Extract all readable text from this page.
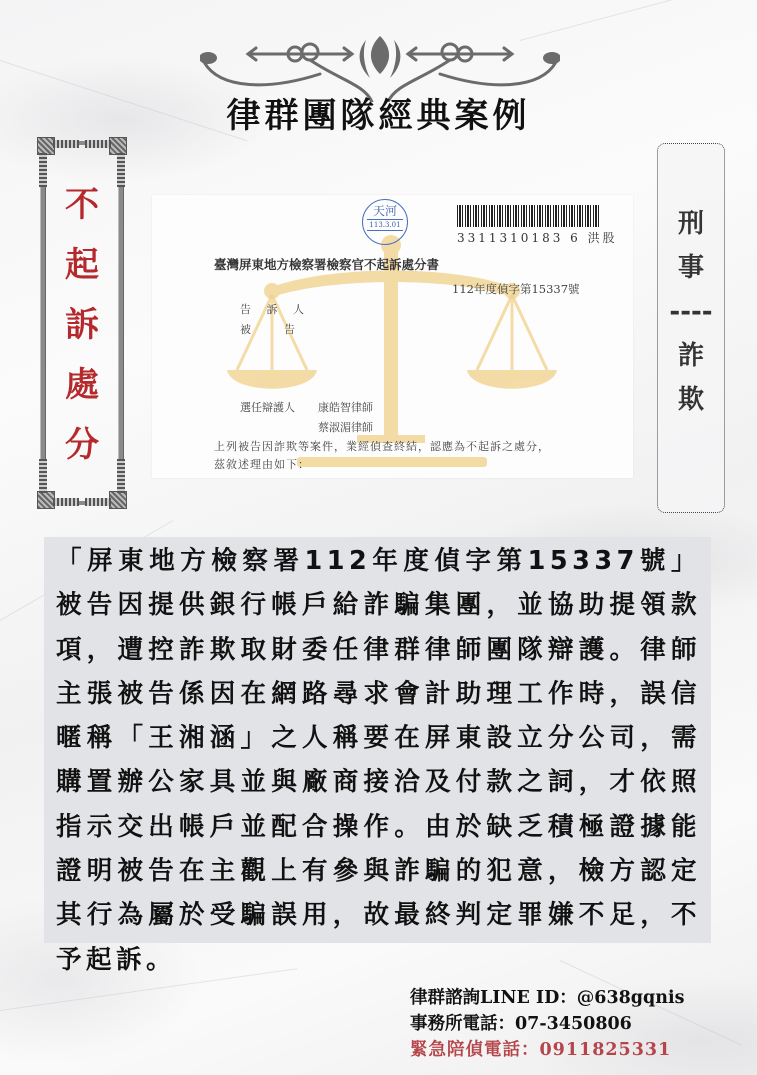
律群團隊經典案例
不
起
訴
處
分
刑
事
----
詐
欺
天河
113.3.01
3311310183 6 洪股
臺灣屏東地方檢察署檢察官不起訴處分書
112年度偵字第15337號
告 訴 人
被　　　告
選任辯護人 康皓智律師
蔡淑湄律師
上列被告因詐欺等案件，業經偵查終結，認應為不起訴之處分，
茲敘述理由如下：

「屏東地方檢察署112年度偵字第15337號」被告因提供銀行帳戶給詐騙集團，並協助提領款項，遭控詐欺取財委任律群律師團隊辯護。律師主張被告係因在網路尋求會計助理工作時，誤信暱稱「王湘涵」之人稱要在屏東設立分公司，需購置辦公家具並與廠商接洽及付款之詞，才依照指示交出帳戶並配合操作。由於缺乏積極證據能證明被告在主觀上有參與詐騙的犯意，檢方認定其行為屬於受騙誤用，故最終判定罪嫌不足，不予起訴。

律群諮詢LINE ID：@638gqnis
事務所電話：07-3450806
緊急陪偵電話：0911825331
